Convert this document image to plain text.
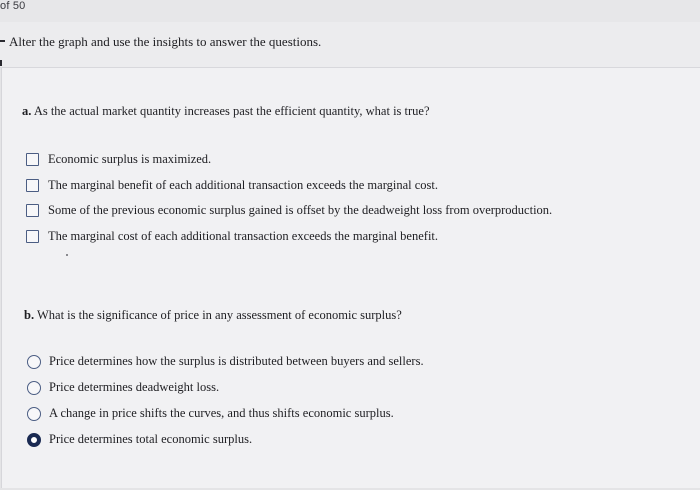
of 50
Alter the graph and use the insights to answer the questions.
a. As the actual market quantity increases past the efficient quantity, what is true?
Economic surplus is maximized.
The marginal benefit of each additional transaction exceeds the marginal cost.
Some of the previous economic surplus gained is offset by the deadweight loss from overproduction.
The marginal cost of each additional transaction exceeds the marginal benefit.
b. What is the significance of price in any assessment of economic surplus?
Price determines how the surplus is distributed between buyers and sellers.
Price determines deadweight loss.
A change in price shifts the curves, and thus shifts economic surplus.
Price determines total economic surplus.
